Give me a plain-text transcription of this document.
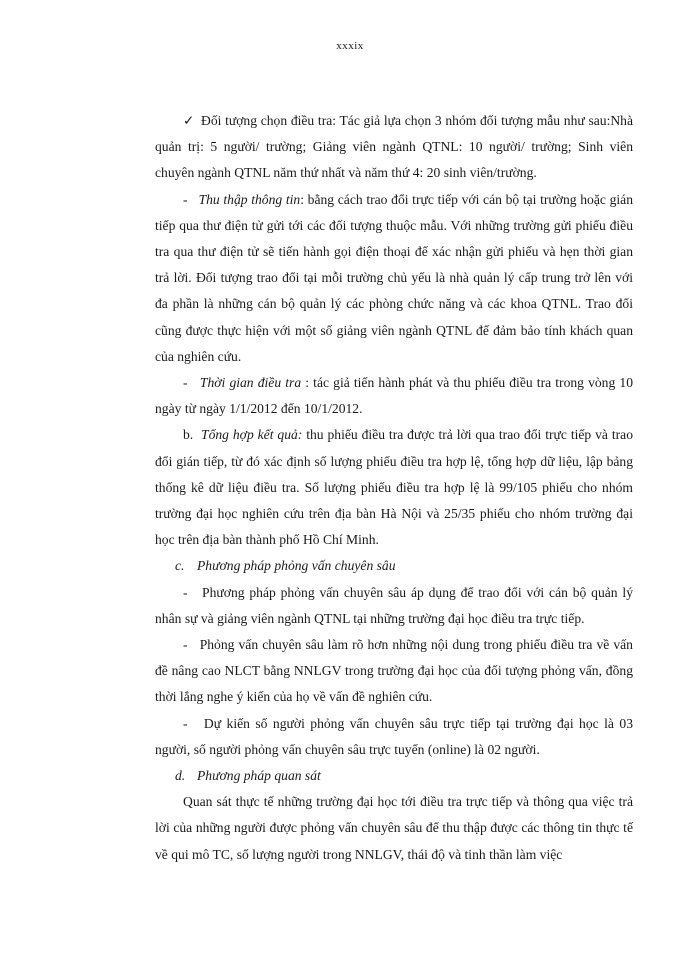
xxxix

✓ Đối tượng chọn điều tra: Tác giả lựa chọn 3 nhóm đối tượng mẫu như sau:Nhà quản trị: 5 người/ trường; Giảng viên ngành QTNL: 10 người/ trường; Sinh viên chuyên ngành QTNL năm thứ nhất và năm thứ 4: 20 sinh viên/trường.

- Thu thập thông tin: bằng cách trao đổi trực tiếp với cán bộ tại trường hoặc gián tiếp qua thư điện tử gửi tới các đối tượng thuộc mẫu. Với những trường gửi phiếu điều tra qua thư điện tử sẽ tiến hành gọi điện thoại để xác nhận gửi phiếu và hẹn thời gian trả lời. Đối tượng trao đổi tại mỗi trường chủ yếu là nhà quản lý cấp trung trở lên với đa phần là những cán bộ quản lý các phòng chức năng và các khoa QTNL. Trao đổi cũng được thực hiện với một số giảng viên ngành QTNL để đảm bảo tính khách quan của nghiên cứu.

- Thời gian điều tra : tác giả tiến hành phát và thu phiếu điều tra trong vòng 10 ngày từ ngày 1/1/2012 đến 10/1/2012.

b. Tổng hợp kết quả: thu phiếu điều tra được trả lời qua trao đổi trực tiếp và trao đổi gián tiếp, từ đó xác định số lượng phiếu điều tra hợp lệ, tổng hợp dữ liệu, lập bảng thống kê dữ liệu điều tra. Số lượng phiếu điều tra hợp lệ là 99/105 phiếu cho nhóm trường đại học nghiên cứu trên địa bàn Hà Nội và 25/35 phiếu cho nhóm trường đại học trên địa bàn thành phố Hồ Chí Minh.

c. Phương pháp phỏng vấn chuyên sâu

- Phương pháp phỏng vấn chuyên sâu áp dụng để trao đổi với cán bộ quản lý nhân sự và giảng viên ngành QTNL tại những trường đại học điều tra trực tiếp.

- Phỏng vấn chuyên sâu làm rõ hơn những nội dung trong phiếu điều tra về vấn đề nâng cao NLCT bằng NNLGV trong trường đại học của đối tượng phỏng vấn, đồng thời lắng nghe ý kiến của họ về vấn đề nghiên cứu.

- Dự kiến số người phỏng vấn chuyên sâu trực tiếp tại trường đại học là 03 người, số người phỏng vấn chuyên sâu trực tuyến (online) là 02 người.

d. Phương pháp quan sát

Quan sát thực tế những trường đại học tới điều tra trực tiếp và thông qua việc trả lời của những người được phỏng vấn chuyên sâu để thu thập được các thông tin thực tế về qui mô TC, số lượng người trong NNLGV, thái độ và tinh thần làm việc
